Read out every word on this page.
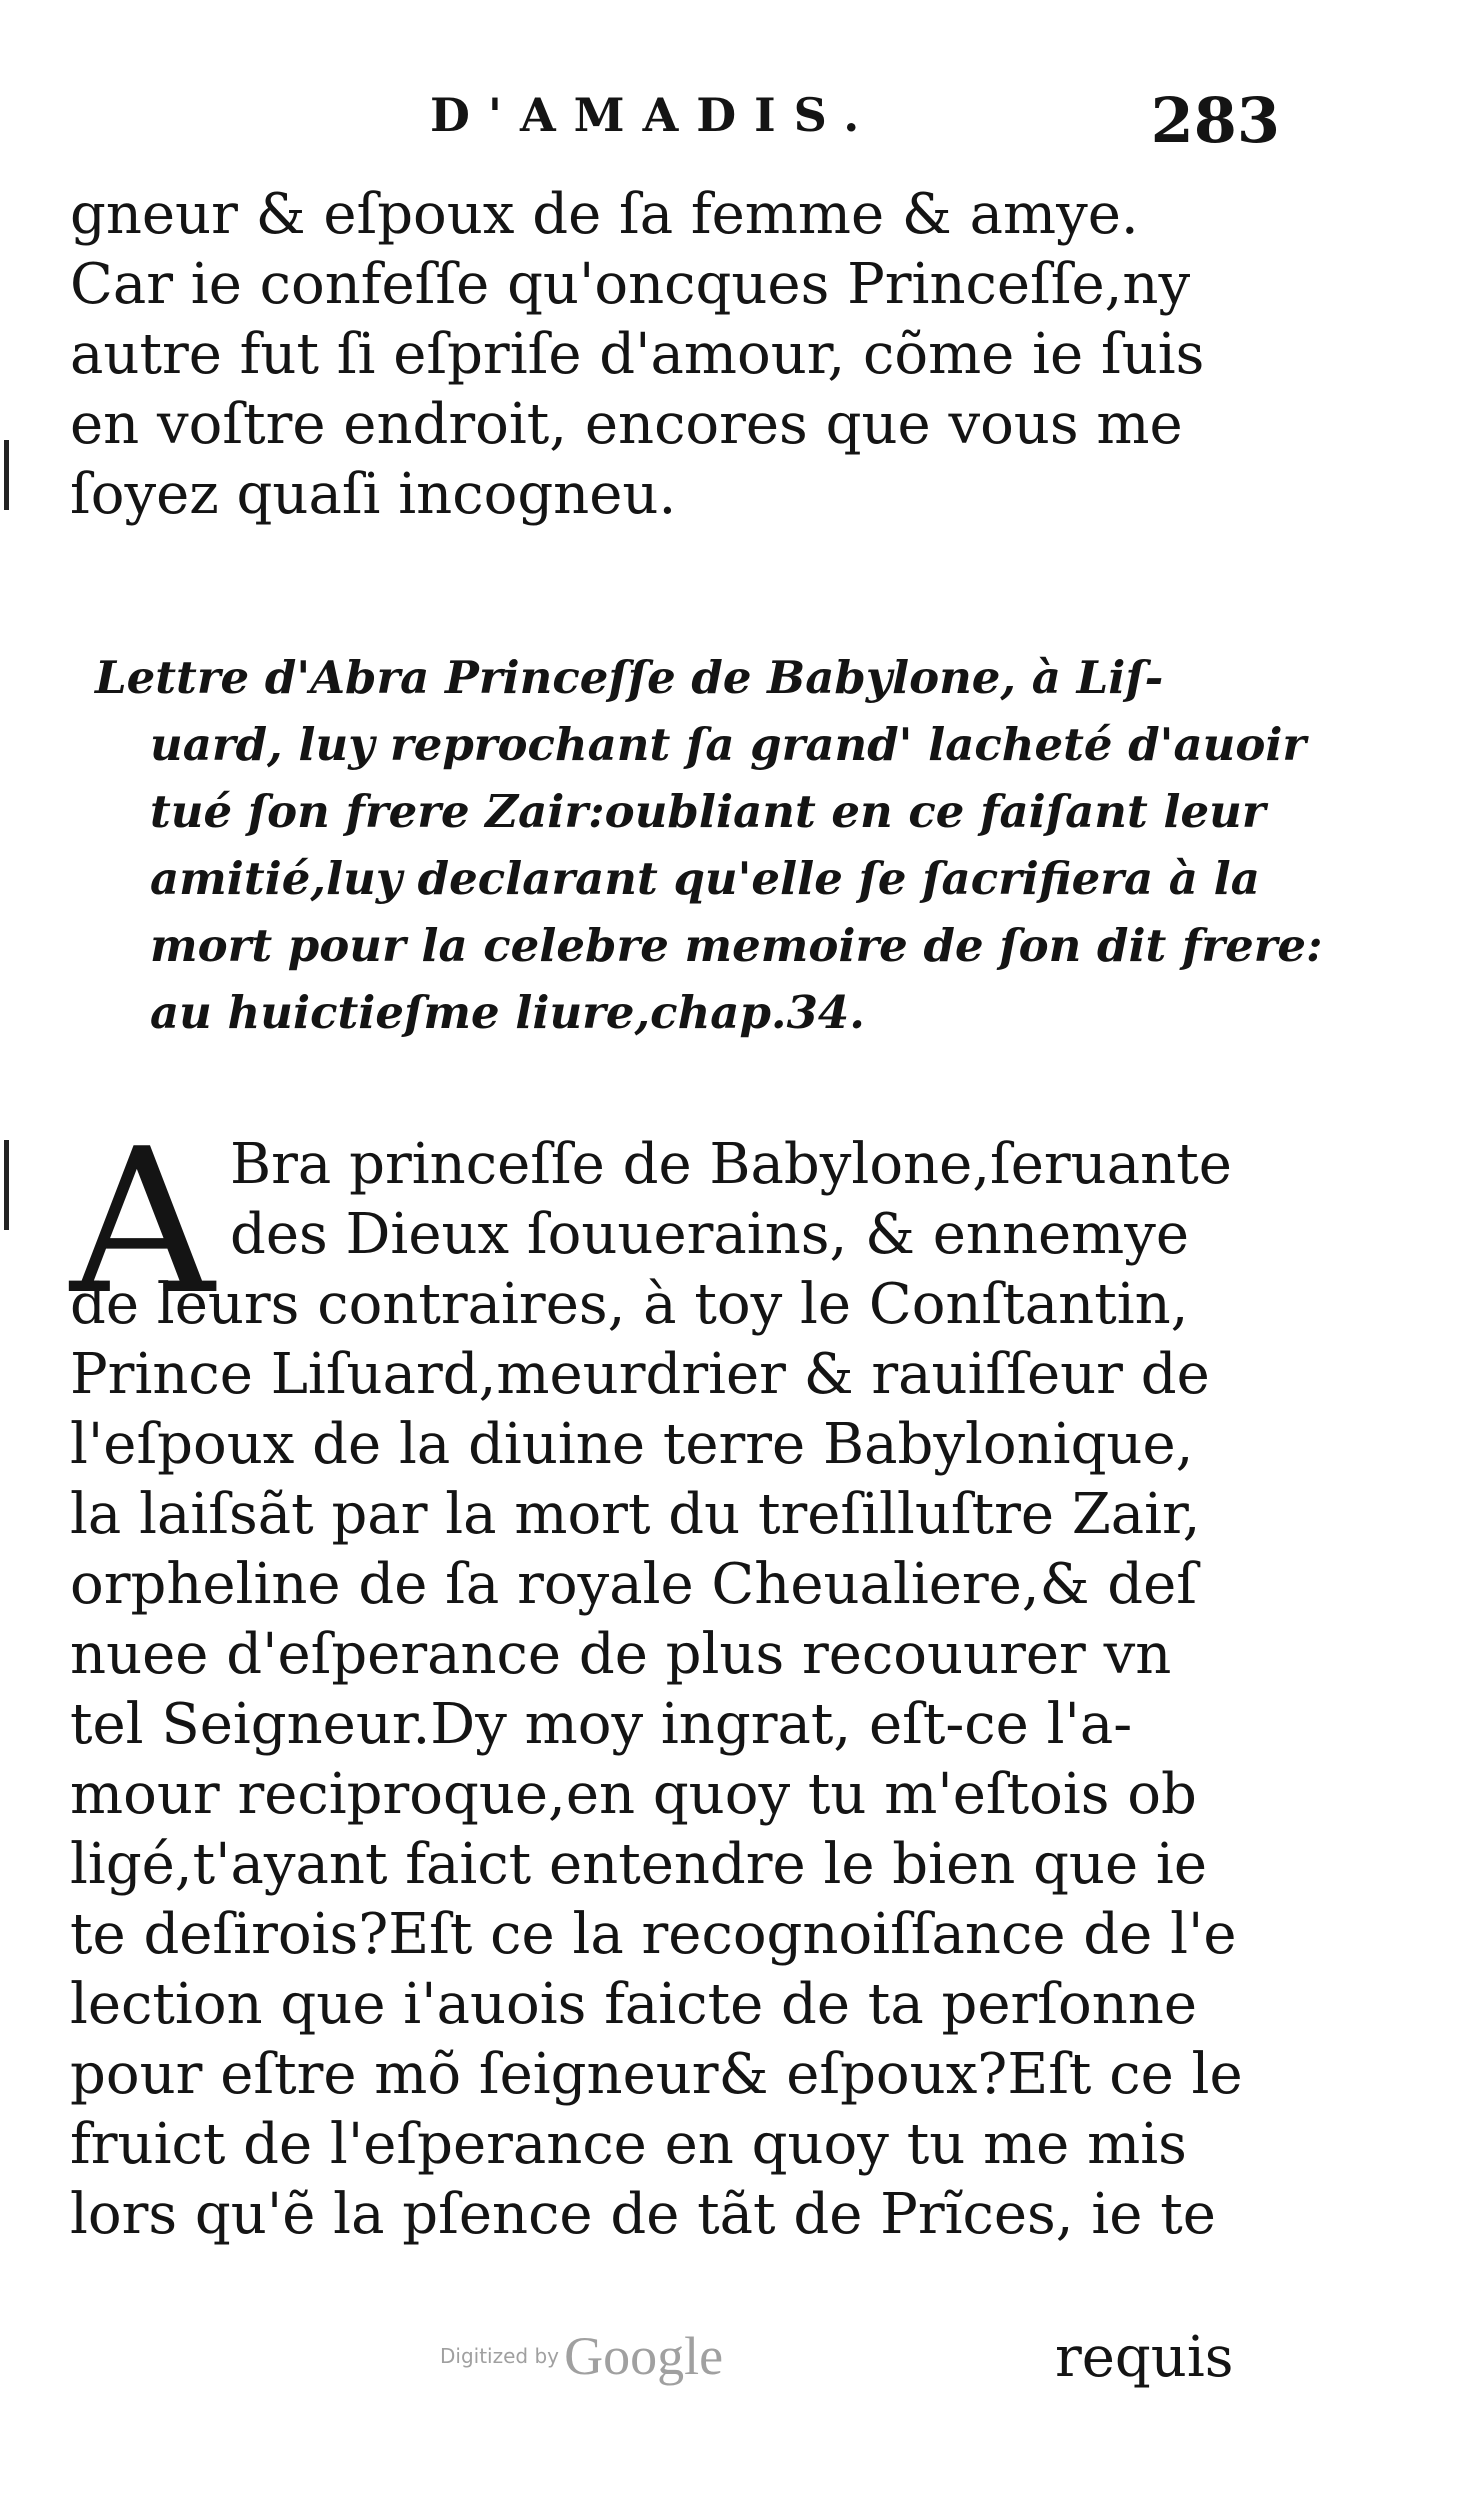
D'AMADIS.	283
gneur & eſpoux de ſa femme & amye.
Car ie confeſſe qu'oncques Princeſſe,ny
autre fut ſi eſpriſe d'amour, cõme ie ſuis
en voſtre endroit, encores que vous me
ſoyez quaſi incogneu.
Lettre d'Abra Princeſſe de Babylone, à Liſ-
uard, luy reprochant ſa grand' lacheté d'auoir
tué ſon frere Zair:oubliant en ce faiſant leur
amitié,luy declarant qu'elle ſe ſacrifiera à la
mort pour la celebre memoire de ſon dit frere:
au huictieſme liure,chap.34.
A Bra princeſſe de Babylone,ſeruante
des Dieux ſouuerains, & ennemye
de leurs contraires, à toy le Conſtantin,
Prince Liſuard,meurdrier & rauiſſeur de
l'eſpoux de la diuine terre Babylonique,
la laiſsãt par la mort du treſilluſtre Zair,
orpheline de ſa royale Cheualiere,& deſ
nuee d'eſperance de plus recouurer vn
tel Seigneur.Dy moy ingrat, eſt-ce l'a-
mour reciproque,en quoy tu m'eſtois ob
ligé,t'ayant faict entendre le bien que ie
te deſirois?Eſt ce la recognoiſſance de l'e
lection que i'auois faicte de ta perſonne
pour eſtre mõ ſeigneur& eſpoux?Eſt ce le
fruict de l'eſperance en quoy tu me mis
lors qu'ẽ la pſence de tãt de Prĩces, ie te
Digitized by Google	requis
